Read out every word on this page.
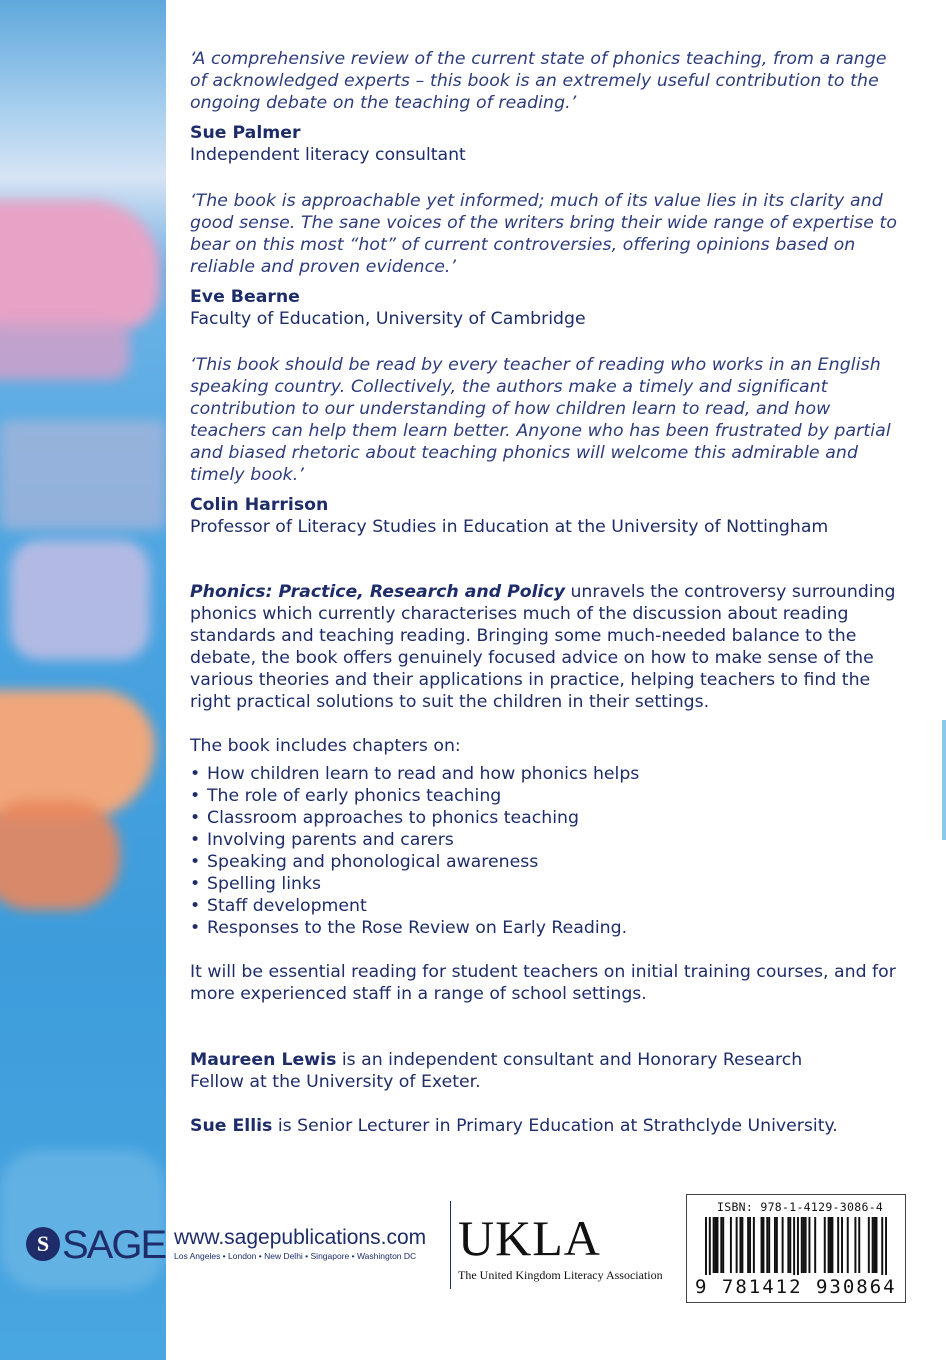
‘A comprehensive review of the current state of phonics teaching, from a range of acknowledged experts – this book is an extremely useful contribution to the ongoing debate on the teaching of reading.’

Sue Palmer

Independent literacy consultant

‘The book is approachable yet informed; much of its value lies in its clarity and good sense. The sane voices of the writers bring their wide range of expertise to bear on this most “hot” of current controversies, offering opinions based on reliable and proven evidence.’

Eve Bearne

Faculty of Education, University of Cambridge

‘This book should be read by every teacher of reading who works in an English speaking country. Collectively, the authors make a timely and significant contribution to our understanding of how children learn to read, and how teachers can help them learn better. Anyone who has been frustrated by partial and biased rhetoric about teaching phonics will welcome this admirable and timely book.’

Colin Harrison

Professor of Literacy Studies in Education at the University of Nottingham

Phonics: Practice, Research and Policy unravels the controversy surrounding phonics which currently characterises much of the discussion about reading standards and teaching reading. Bringing some much-needed balance to the debate, the book offers genuinely focused advice on how to make sense of the various theories and their applications in practice, helping teachers to find the right practical solutions to suit the children in their settings.

The book includes chapters on:

• How children learn to read and how phonics helps
• The role of early phonics teaching
• Classroom approaches to phonics teaching
• Involving parents and carers
• Speaking and phonological awareness
• Spelling links
• Staff development
• Responses to the Rose Review on Early Reading.

It will be essential reading for student teachers on initial training courses, and for more experienced staff in a range of school settings.

Maureen Lewis is an independent consultant and Honorary Research Fellow at the University of Exeter.

Sue Ellis is Senior Lecturer in Primary Education at Strathclyde University.

S SAGE www.sagepublications.com
Los Angeles • London • New Delhi • Singapore • Washington DC UKLA
The United Kingdom Literacy Association
ISBN: 978-1-4129-3086-4
9 781412 930864
